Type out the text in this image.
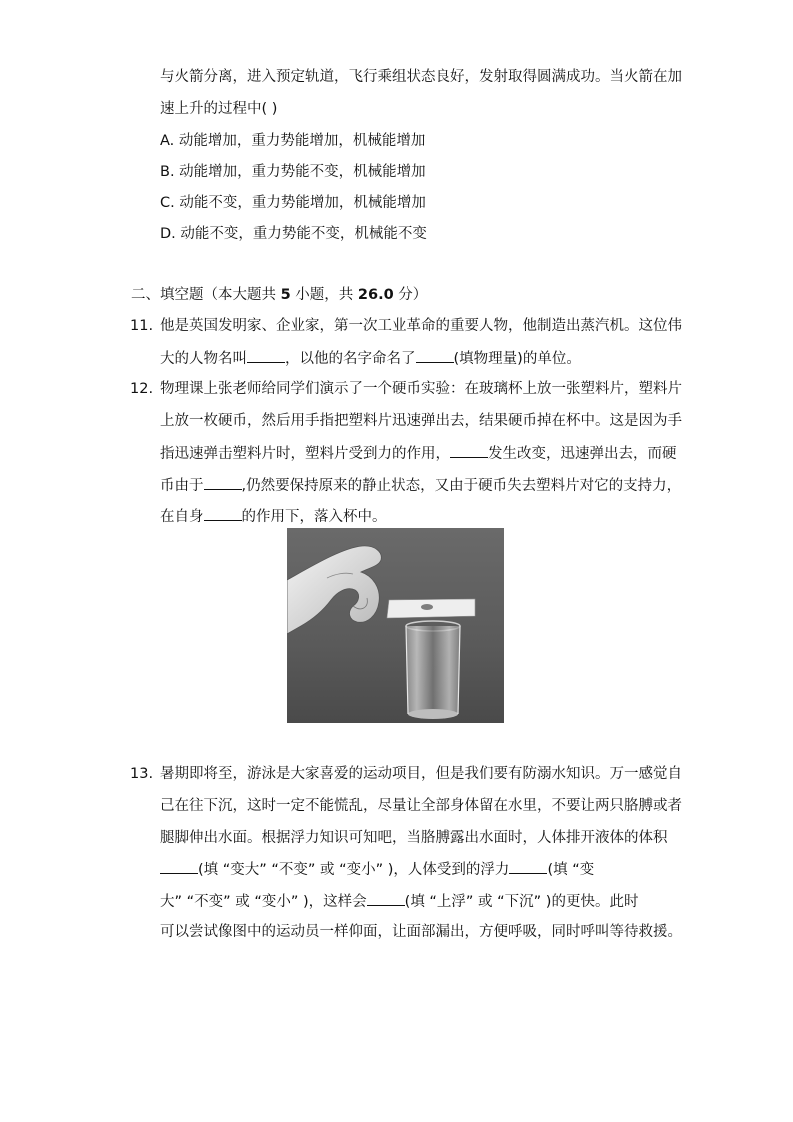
与火箭分离，进入预定轨道，飞行乘组状态良好，发射取得圆满成功。当火箭在加
速上升的过程中( )
A. 动能增加，重力势能增加，机械能增加
B. 动能增加，重力势能不变，机械能增加
C. 动能不变，重力势能增加，机械能增加
D. 动能不变，重力势能不变，机械能不变
二、填空题（本大题共 5 小题，共 26.0 分）
11. 他是英国发明家、企业家，第一次工业革命的重要人物，他制造出蒸汽机。这位伟
大的人物名叫	，以他的名字命名了	(填物理量)的单位。
12. 物理课上张老师给同学们演示了一个硬币实验：在玻璃杯上放一张塑料片，塑料片
上放一枚硬币，然后用手指把塑料片迅速弹出去，结果硬币掉在杯中。这是因为手
指迅速弹击塑料片时，塑料片受到力的作用，	发生改变，迅速弹出去，而硬
币由于	,仍然要保持原来的静止状态，又由于硬币失去塑料片对它的支持力，
在自身	的作用下，落入杯中。
13. 暑期即将至，游泳是大家喜爱的运动项目，但是我们要有防溺水知识。万一感觉自
己在往下沉，这时一定不能慌乱，尽量让全部身体留在水里，不要让两只胳膊或者
腿脚伸出水面。根据浮力知识可知吧，当胳膊露出水面时，人体排开液体的体积
(填 “变大” “不变” 或 “变小” )，人体受到的浮力	(填 “变
大” “不变” 或 “变小” )，这样会	(填 “上浮” 或 “下沉” )的更快。此时
可以尝试像图中的运动员一样仰面，让面部漏出，方便呼吸，同时呼叫等待救援。
